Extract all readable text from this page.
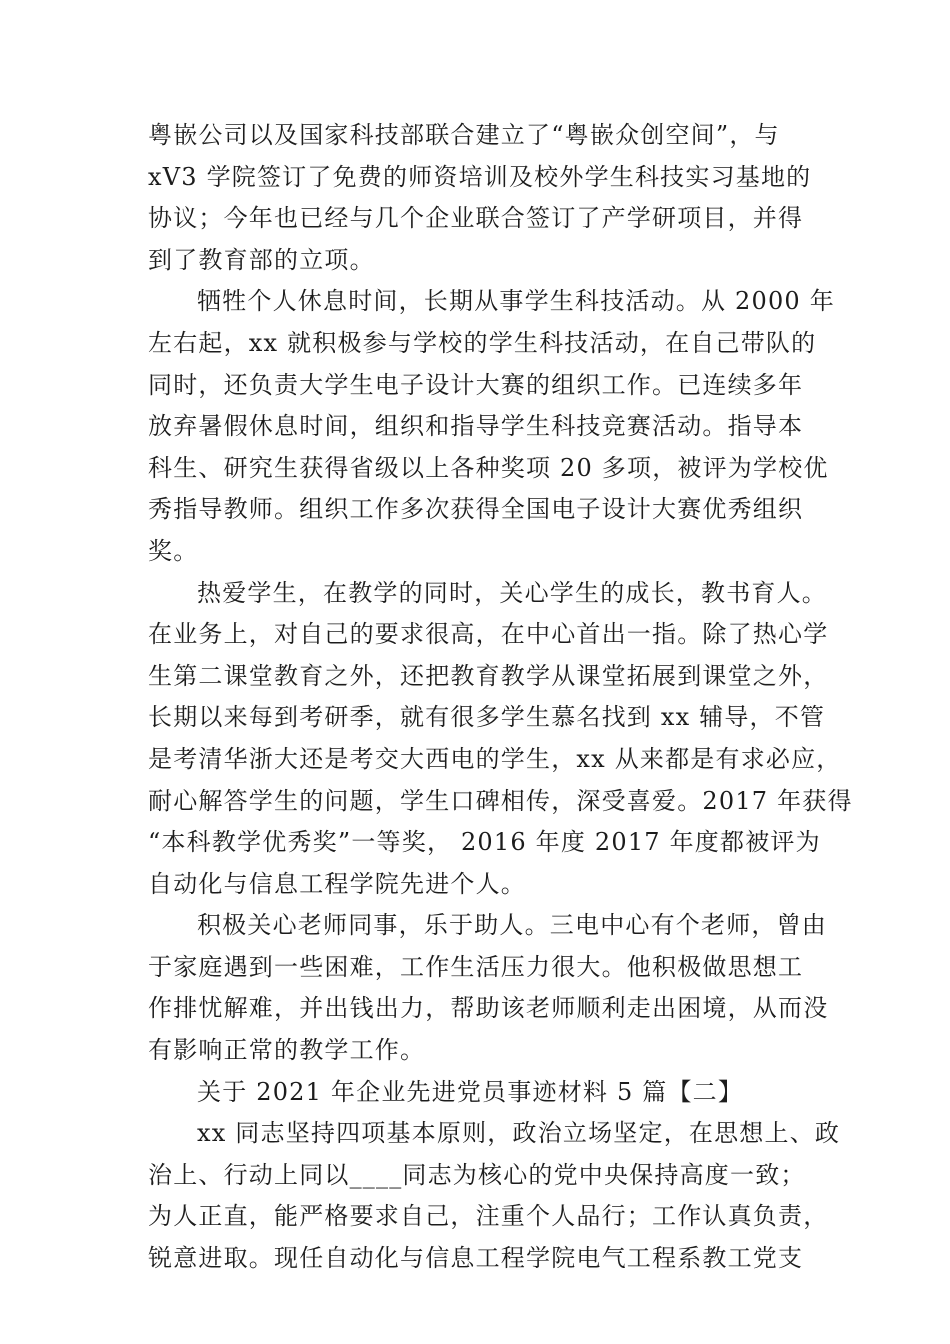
粤嵌公司以及国家科技部联合建立了“粤嵌众创空间”，与
xV3 学院签订了免费的师资培训及校外学生科技实习基地的
协议；今年也已经与几个企业联合签订了产学研项目，并得
到了教育部的立项。
牺牲个人休息时间，长期从事学生科技活动。从 2000 年
左右起，xx 就积极参与学校的学生科技活动，在自己带队的
同时，还负责大学生电子设计大赛的组织工作。已连续多年
放弃暑假休息时间，组织和指导学生科技竞赛活动。指导本
科生、研究生获得省级以上各种奖项 20 多项，被评为学校优
秀指导教师。组织工作多次获得全国电子设计大赛优秀组织
奖。
热爱学生，在教学的同时，关心学生的成长，教书育人。
在业务上，对自己的要求很高，在中心首出一指。除了热心学
生第二课堂教育之外，还把教育教学从课堂拓展到课堂之外，
长期以来每到考研季，就有很多学生慕名找到 xx 辅导，不管
是考清华浙大还是考交大西电的学生，xx 从来都是有求必应，
耐心解答学生的问题，学生口碑相传，深受喜爱。2017 年获得
“本科教学优秀奖”一等奖， 2016 年度 2017 年度都被评为
自动化与信息工程学院先进个人。
积极关心老师同事，乐于助人。三电中心有个老师，曾由
于家庭遇到一些困难，工作生活压力很大。他积极做思想工
作排忧解难，并出钱出力，帮助该老师顺利走出困境，从而没
有影响正常的教学工作。
关于 2021 年企业先进党员事迹材料 5 篇【二】
xx 同志坚持四项基本原则，政治立场坚定，在思想上、政
治上、行动上同以____同志为核心的党中央保持高度一致；
为人正直，能严格要求自己，注重个人品行；工作认真负责，
锐意进取。现任自动化与信息工程学院电气工程系教工党支
